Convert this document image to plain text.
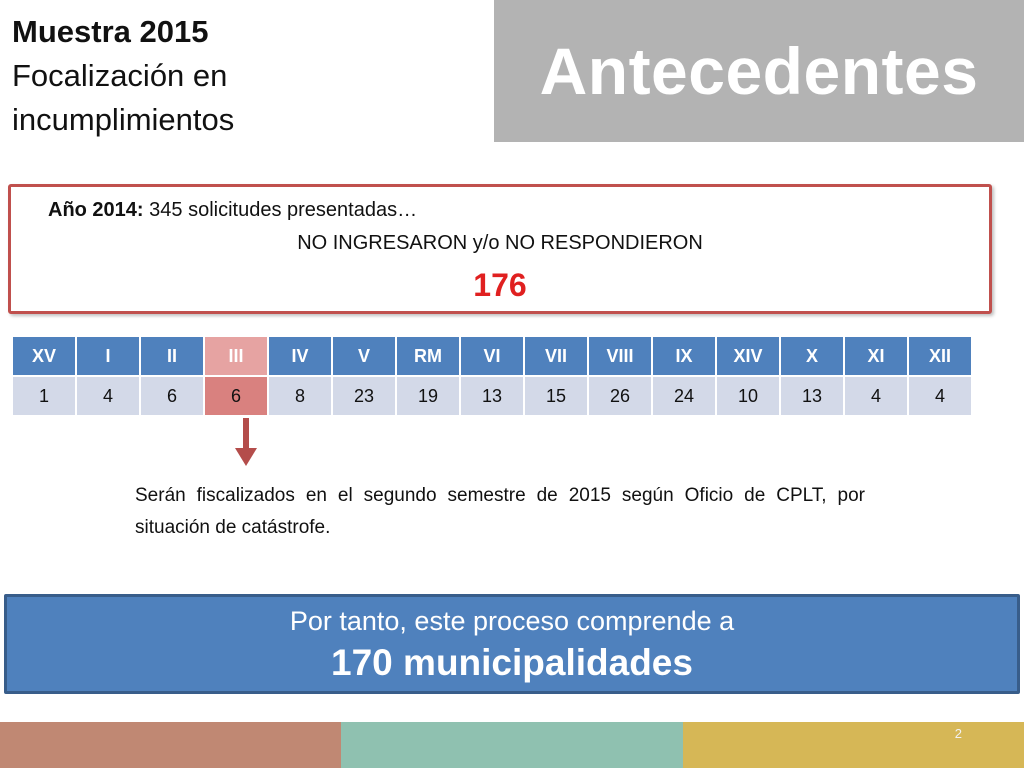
Muestra 2015
Focalización en
incumplimientos
Antecedentes
Año 2014: 345 solicitudes presentadas…
NO INGRESARON y/o NO RESPONDIERON
176
XV	I	II	III	IV	V	RM	VI	VII	VIII	IX	XIV	X	XI	XII
1	4	6	6	8	23	19	13	15	26	24	10	13	4	4
Serán fiscalizados en el segundo semestre de 2015 según Oficio de CPLT, por situación de catástrofe.
Por tanto, este proceso comprende a
170 municipalidades
2
